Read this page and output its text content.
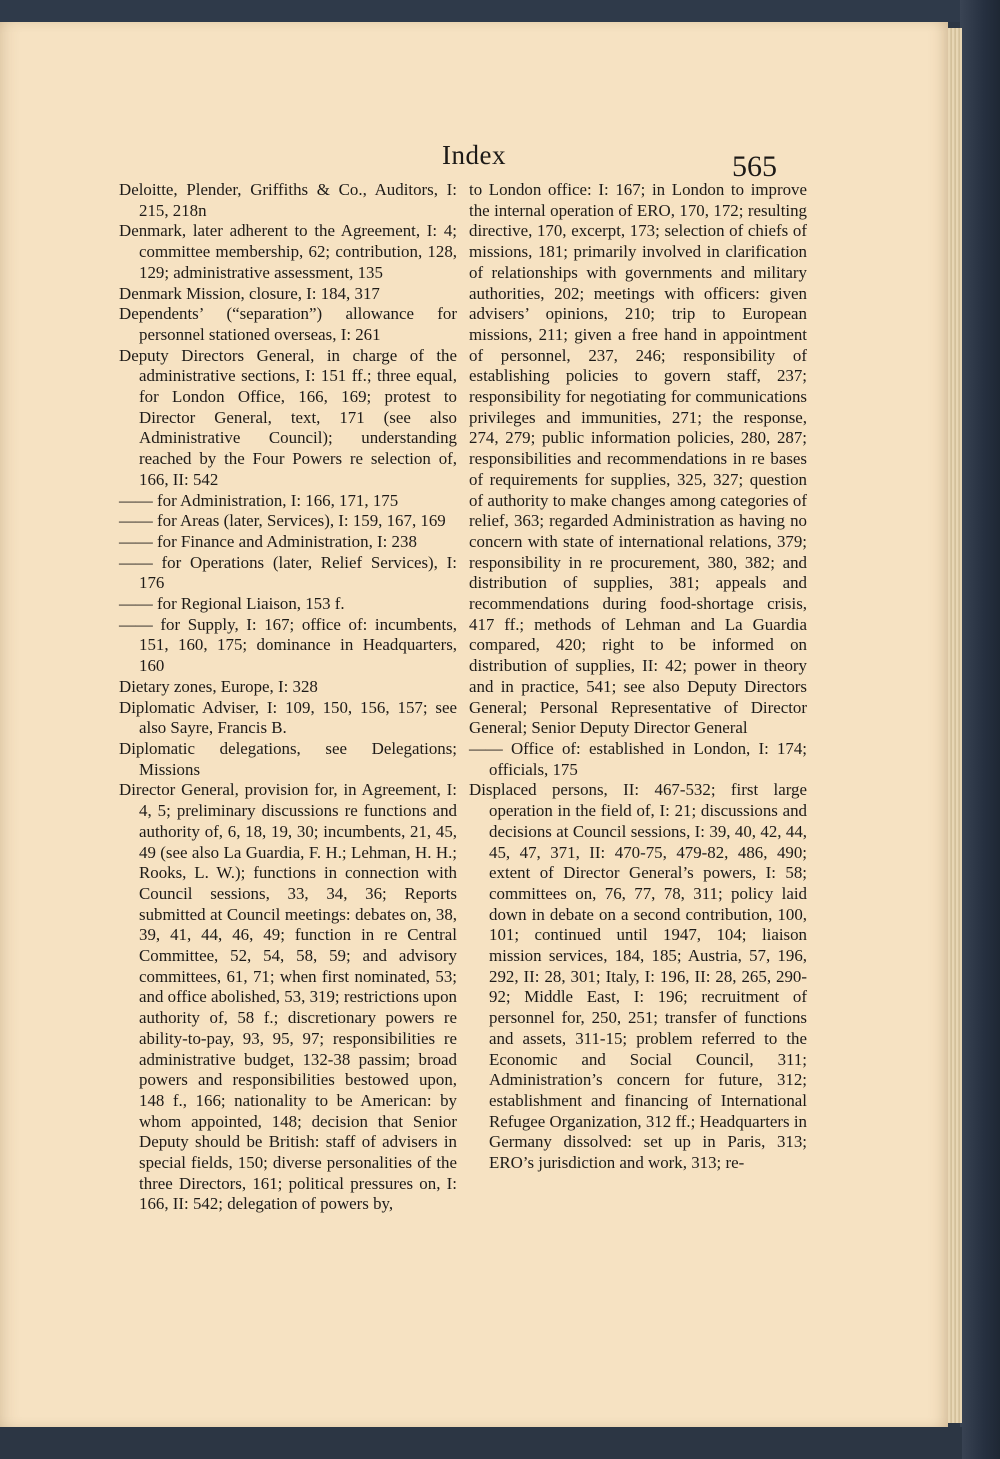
Index	565

Deloitte, Plender, Griffiths & Co., Auditors, I: 215, 218n

Denmark, later adherent to the Agreement, I: 4; committee membership, 62; contribution, 128, 129; administrative assessment, 135

Denmark Mission, closure, I: 184, 317

Dependents’ (“separation”) allowance for personnel stationed overseas, I: 261

Deputy Directors General, in charge of the administrative sections, I: 151 ff.; three equal, for London Office, 166, 169; protest to Director General, text, 171 (see also Administrative Council); understanding reached by the Four Powers re selection of, 166, II: 542

—— for Administration, I: 166, 171, 175

—— for Areas (later, Services), I: 159, 167, 169

—— for Finance and Administration, I: 238

—— for Operations (later, Relief Services), I: 176

—— for Regional Liaison, 153 f.

—— for Supply, I: 167; office of: incumbents, 151, 160, 175; dominance in Headquarters, 160

Dietary zones, Europe, I: 328

Diplomatic Adviser, I: 109, 150, 156, 157; see also Sayre, Francis B.

Diplomatic delegations, see Delegations; Missions

Director General, provision for, in Agreement, I: 4, 5; preliminary discussions re functions and authority of, 6, 18, 19, 30; incumbents, 21, 45, 49 (see also La Guardia, F. H.; Lehman, H. H.; Rooks, L. W.); functions in connection with Council sessions, 33, 34, 36; Reports submitted at Council meetings: debates on, 38, 39, 41, 44, 46, 49; function in re Central Committee, 52, 54, 58, 59; and advisory committees, 61, 71; when first nominated, 53; and office abolished, 53, 319; restrictions upon authority of, 58 f.; discretionary powers re ability-to-pay, 93, 95, 97; responsibilities re administrative budget, 132-38 passim; broad powers and responsibilities bestowed upon, 148 f., 166; nationality to be American: by whom appointed, 148; decision that Senior Deputy should be British: staff of advisers in special fields, 150; diverse personalities of the three Directors, 161; political pressures on, I: 166, II: 542; delegation of powers by,

to London office: I: 167; in London to improve the internal operation of ERO, 170, 172; resulting directive, 170, excerpt, 173; selection of chiefs of missions, 181; primarily involved in clarification of relationships with governments and military authorities, 202; meetings with officers: given advisers’ opinions, 210; trip to European missions, 211; given a free hand in appointment of personnel, 237, 246; responsibility of establishing policies to govern staff, 237; responsibility for negotiating for communications privileges and immunities, 271; the response, 274, 279; public information policies, 280, 287; responsibilities and recommendations in re bases of requirements for supplies, 325, 327; question of authority to make changes among categories of relief, 363; regarded Administration as having no concern with state of international relations, 379; responsibility in re procurement, 380, 382; and distribution of supplies, 381; appeals and recommendations during food-shortage crisis, 417 ff.; methods of Lehman and La Guardia compared, 420; right to be informed on distribution of supplies, II: 42; power in theory and in practice, 541; see also Deputy Directors General; Personal Representative of Director General; Senior Deputy Director General

—— Office of: established in London, I: 174; officials, 175

Displaced persons, II: 467-532; first large operation in the field of, I: 21; discussions and decisions at Council sessions, I: 39, 40, 42, 44, 45, 47, 371, II: 470-75, 479-82, 486, 490; extent of Director General’s powers, I: 58; committees on, 76, 77, 78, 311; policy laid down in debate on a second contribution, 100, 101; continued until 1947, 104; liaison mission services, 184, 185; Austria, 57, 196, 292, II: 28, 301; Italy, I: 196, II: 28, 265, 290-92; Middle East, I: 196; recruitment of personnel for, 250, 251; transfer of functions and assets, 311-15; problem referred to the Economic and Social Council, 311; Administration’s concern for future, 312; establishment and financing of International Refugee Organization, 312 ff.; Headquarters in Germany dissolved: set up in Paris, 313; ERO’s jurisdiction and work, 313; re-
